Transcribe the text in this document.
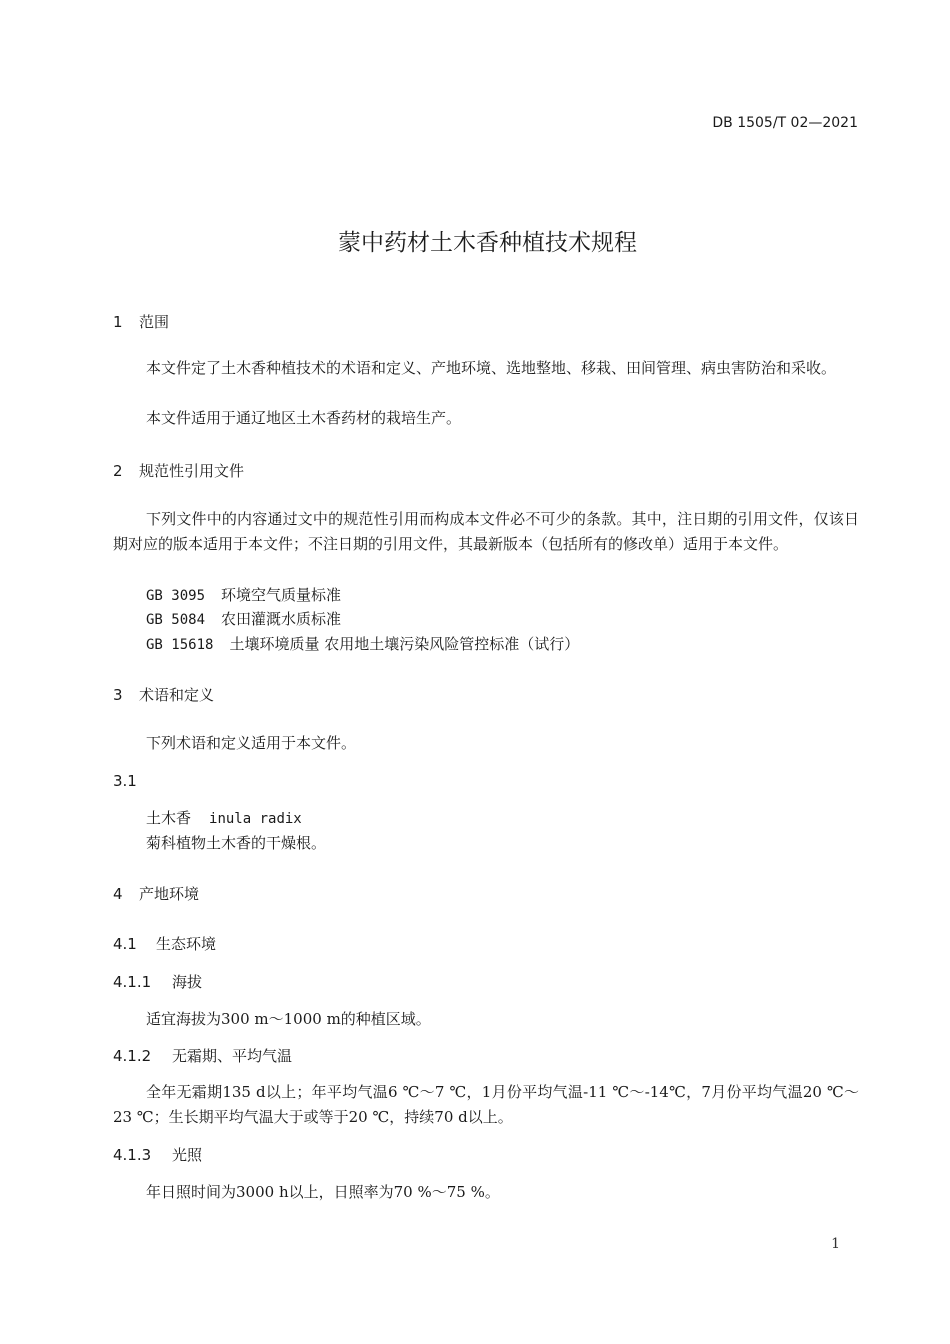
DB 1505/T 02—2021
蒙中药材土木香种植技术规程
1 范围
本文件定了土木香种植技术的术语和定义、产地环境、选地整地、移栽、田间管理、病虫害防治和采收。
本文件适用于通辽地区土木香药材的栽培生产。
2 规范性引用文件
下列文件中的内容通过文中的规范性引用而构成本文件必不可少的条款。其中，注日期的引用文件，仅该日期对应的版本适用于本文件；不注日期的引用文件，其最新版本（包括所有的修改单）适用于本文件。
GB 3095 环境空气质量标准
GB 5084 农田灌溉水质标准
GB 15618 土壤环境质量 农用地土壤污染风险管控标准（试行）
3 术语和定义
下列术语和定义适用于本文件。
3.1
土木香 inula radix
菊科植物土木香的干燥根。
4 产地环境
4.1 生态环境
4.1.1 海拔
适宜海拔为300 m～1000 m的种植区域。
4.1.2 无霜期、平均气温
全年无霜期135 d以上；年平均气温6 ℃～7 ℃，1月份平均气温-11 ℃～-14℃，7月份平均气温20 ℃～23 ℃；生长期平均气温大于或等于20 ℃，持续70 d以上。
4.1.3 光照
年日照时间为3000 h以上，日照率为70 %～75 %。
1
